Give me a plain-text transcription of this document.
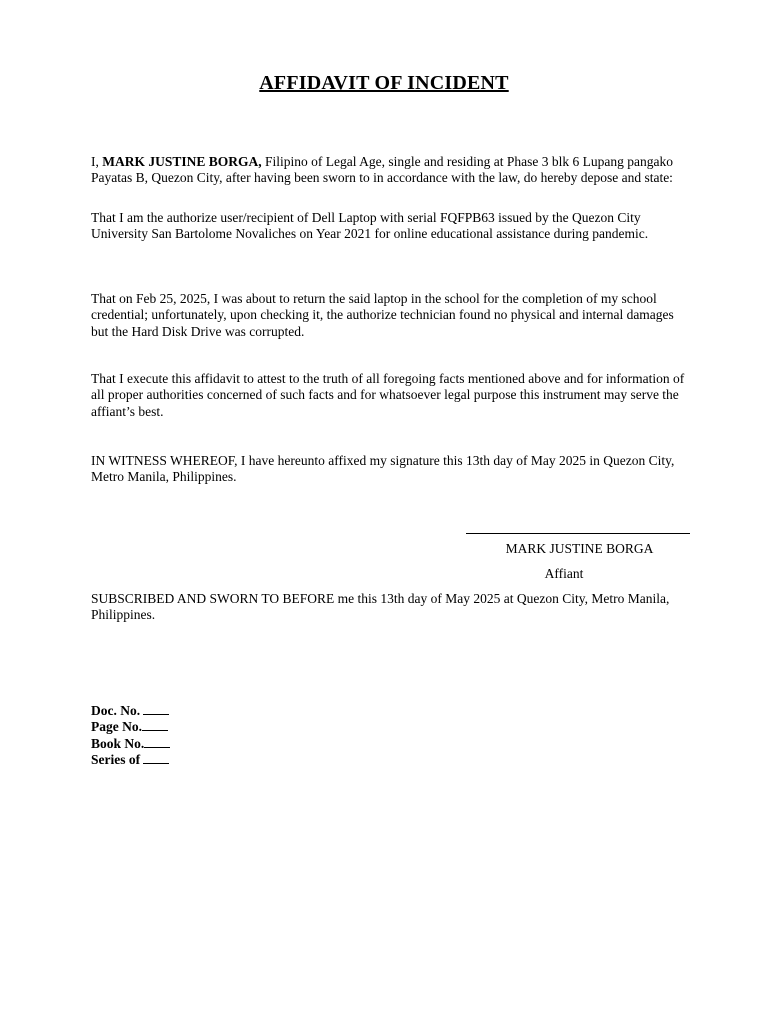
AFFIDAVIT OF INCIDENT

I, MARK JUSTINE BORGA, Filipino of Legal Age, single and residing at Phase 3 blk 6 Lupang pangako Payatas B, Quezon City, after having been sworn to in accordance with the law, do hereby depose and state:

That I am the authorize user/recipient of Dell Laptop with serial FQFPB63 issued by the Quezon City University San Bartolome Novaliches on Year 2021 for online educational assistance during pandemic.

That on Feb 25, 2025, I was about to return the said laptop in the school for the completion of my school credential; unfortunately, upon checking it, the authorize technician found no physical and internal damages but the Hard Disk Drive was corrupted.

That I execute this affidavit to attest to the truth of all foregoing facts mentioned above and for information of all proper authorities concerned of such facts and for whatsoever legal purpose this instrument may serve the affiant’s best.

IN WITNESS WHEREOF, I have hereunto affixed my signature this 13th day of May 2025 in Quezon City, Metro Manila, Philippines.

MARK JUSTINE BORGA
Affiant

SUBSCRIBED AND SWORN TO BEFORE me this 13th day of May 2025 at Quezon City, Metro Manila, Philippines.

Doc. No.
Page No.
Book No.
Series of
